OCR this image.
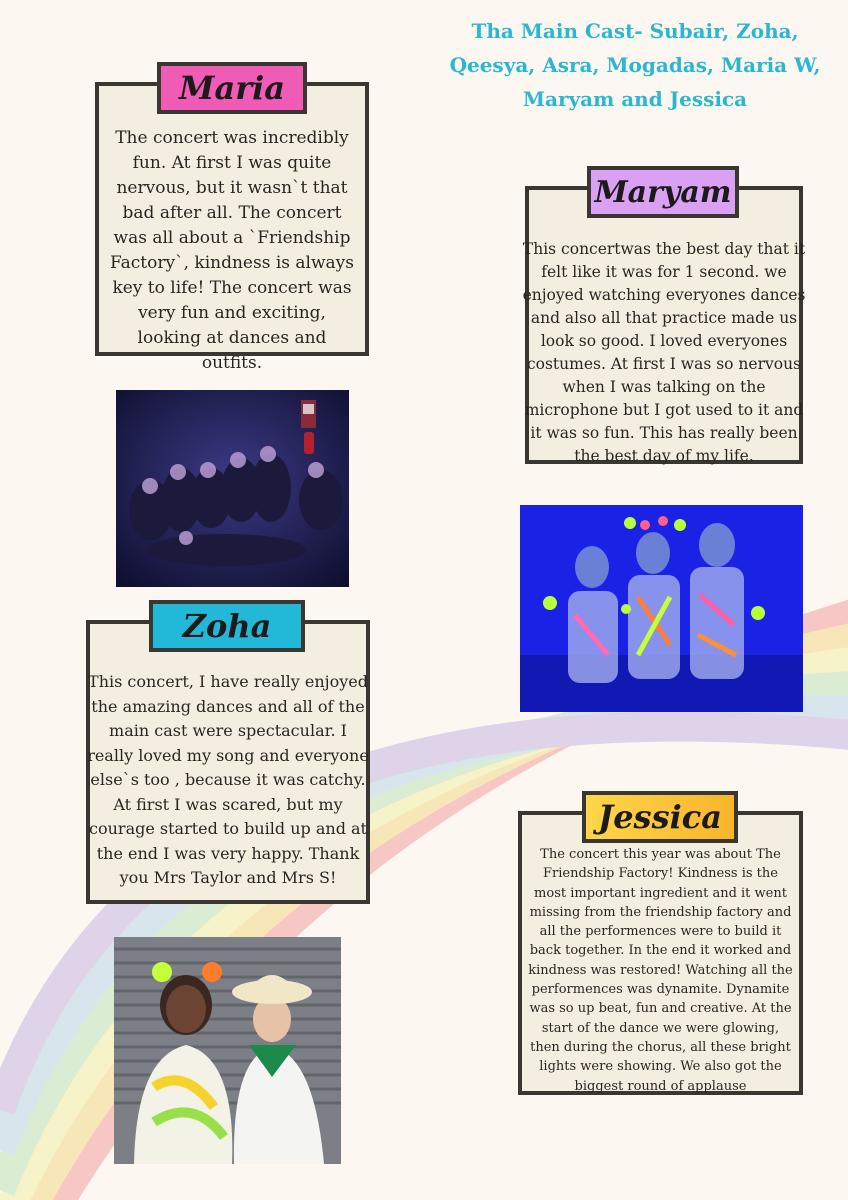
Tha Main Cast- Subair, Zoha, Qeesya, Asra, Mogadas, Maria W, Maryam and Jessica
The concert was incredibly fun. At first I was quite nervous, but it wasn`t that bad after all. The concert was all about a `Friendship Factory`, kindness is always key to life! The concert was very fun and exciting, looking at dances and outfits.
Maria
This concertwas the best day that it felt like it was for 1 second. we enjoyed watching everyones dances and also all that practice made us look so good. I loved everyones costumes. At first I was so nervous when I was talking on the microphone but I got used to it and it was so fun. This has really been the best day of my life.
Maryam
This concert, I have really enjoyed the amazing dances and all of the main cast were spectacular. I really loved my song and everyone else`s too , because it was catchy. At first I was scared, but my courage started to build up and at the end I was very happy. Thank you Mrs Taylor and Mrs S!
Zoha
The concert this year was about The Friendship Factory! Kindness is the most important ingredient and it went missing from the friendship factory and all the performences were to build it back together. In the end it worked and kindness was restored! Watching all the performences was dynamite. Dynamite was so up beat, fun and creative. At the start of the dance we were glowing, then during the chorus, all these bright lights were showing. We also got the biggest round of applause
Jessica
